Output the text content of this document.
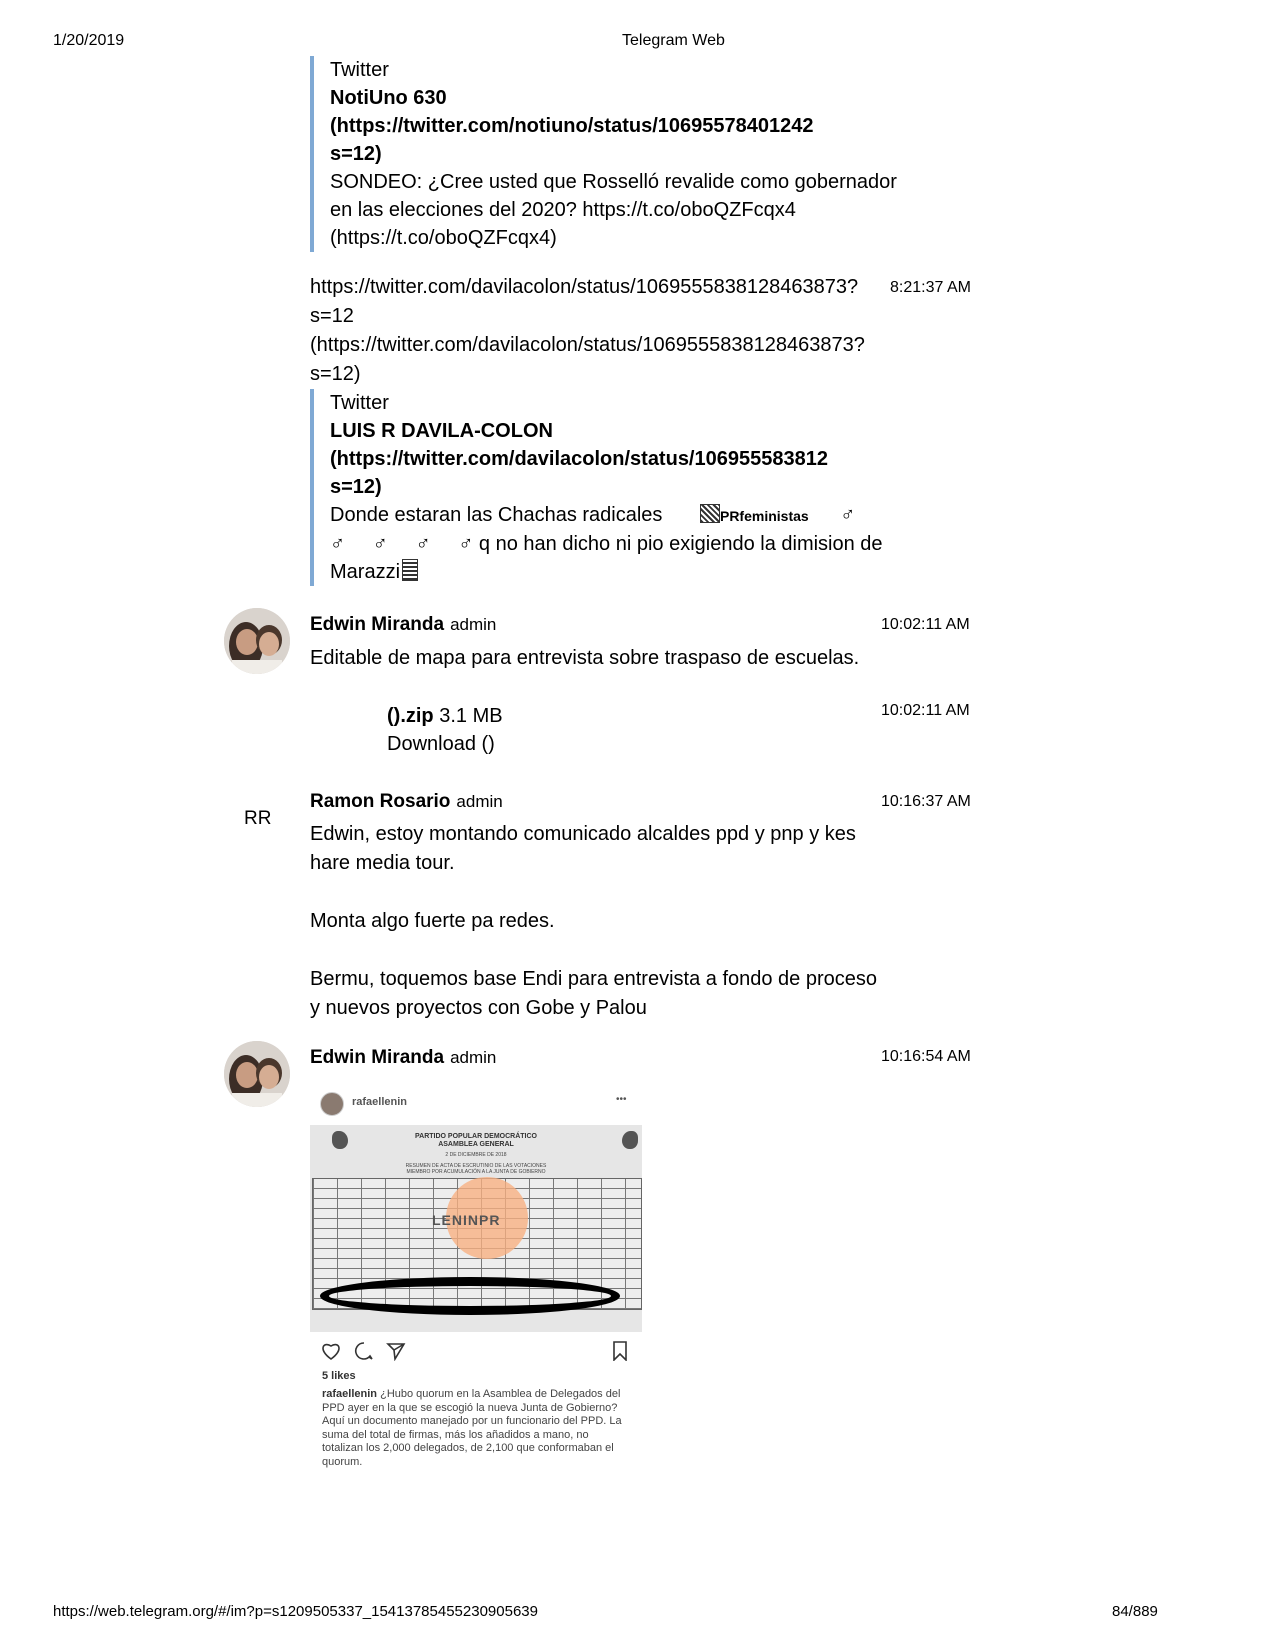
1/20/2019	Telegram Web
Twitter
NotiUno 630
(https://twitter.com/notiuno/status/10695578401242
s=12)
SONDEO: ¿Cree usted que Rosselló revalide como gobernador
en las elecciones del 2020? https://t.co/oboQZFcqx4
(https://t.co/oboQZFcqx4)
https://twitter.com/davilacolon/status/1069555838128463873?
s=12
(https://twitter.com/davilacolon/status/1069555838128463873?
s=12)
8:21:37 AM
Twitter
LUIS R DAVILA-COLON
(https://twitter.com/davilacolon/status/106955583812
s=12)
Donde estaran las Chachas radicales	PRfeministas ♂
♂     ♂     ♂     ♂ q no han dicho ni pio exigiendo la dimision de
Marazzi
Edwin Miranda admin	10:02:11 AM
Editable de mapa para entrevista sobre traspaso de escuelas.
().zip 3.1 MB
Download ()
10:02:11 AM
RR
Ramon Rosario admin	10:16:37 AM
Edwin, estoy montando comunicado alcaldes ppd y pnp y kes
hare media tour.

Monta algo fuerte pa redes.

Bermu, toquemos base Endi para entrevista a fondo de proceso
y nuevos proyectos con Gobe y Palou
Edwin Miranda admin	10:16:54 AM
rafaellenin	•••
PARTIDO POPULAR DEMOCRÁTICO
ASAMBLEA GENERAL
2 DE DICIEMBRE DE 2018
RESUMEN DE ACTA DE ESCRUTINIO DE LAS VOTACIONES
MIEMBRO POR ACUMULACIÓN A LA JUNTA DE GOBIERNO
LENINPR
5 likes
rafaellenin ¿Hubo quorum en la Asamblea de Delegados del PPD ayer en la que se escogió la nueva Junta de Gobierno? Aquí un documento manejado por un funcionario del PPD. La suma del total de firmas, más los añadidos a mano, no totalizan los 2,000 delegados, de 2,100 que conformaban el quorum.
https://web.telegram.org/#/im?p=s1209505337_15413785455230905639	84/889
